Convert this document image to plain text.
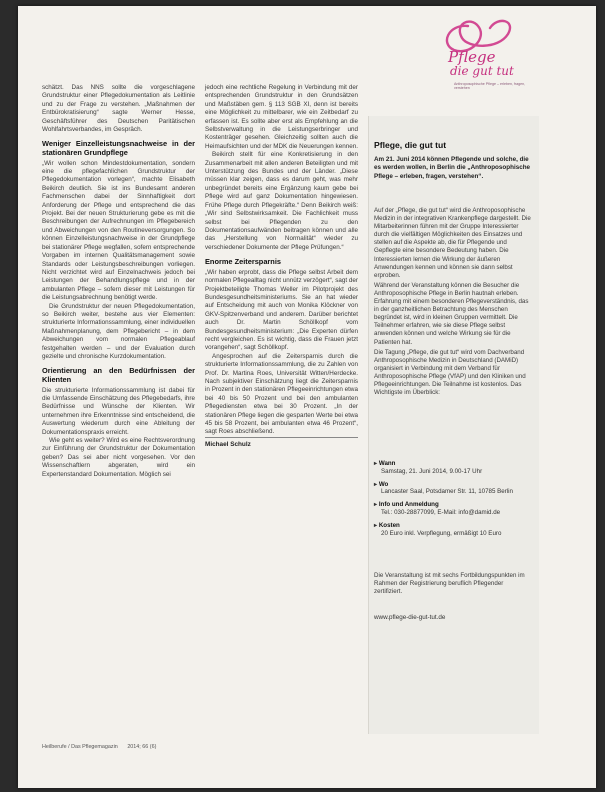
Pflege
die gut tut
Anthroposophische Pflege – erleben, fragen, verstehen

schätzt. Das NNS sollte die vorgeschlagene Grundstruktur einer Pflegedokumentation als Leitlinie und zu der Frage zu verstehen. „Maßnahmen der Entbürokratisierung“ sagte Werner Hesse, Geschäftsführer des Deutschen Paritätischen Wohlfahrtsverbandes, im Gespräch.

Weniger Einzelleistungsnachweise in der stationären Grundpflege

„Wir wollen schon Mindestdokumentation, sondern eine die pflegefachlichen Grundstruktur der Pflegedokumentation vorlegen“, machte Elisabeth Beikirch deutlich. Sie ist ins Bundesamt anderen Fachmenschen dabei der Sinnhaftigkeit dort Anforderung der Pflege und entsprechend die das Projekt. Bei der neuen Strukturierung gebe es mit die Beschreibungen der Aufrechnungen im Pflegebereich und Abweichungen von den Routineversorgungen. So können Einzelleistungsnachweise in der Grundpflege bei stationärer Pflege wegfallen, sofern entsprechende Vorgaben im internen Qualitätsmanagement sowie Standards oder Leistungsbeschreibungen vorliegen. Nicht verzichtet wird auf Einzelnachweis jedoch bei Leistungen der Behandlungspflege und in der ambulanten Pflege – sofern dieser mit Leistungen für die Leistungsabrechnung benötigt werde.

Die Grundstruktur der neuen Pflegedokumentation, so Beikirch weiter, bestehe aus vier Elementen: strukturierte Informationssammlung, einer individuellen Maßnahmenplanung, dem Pflegebericht – in dem Abweichungen vom normalen Pflegeablauf festgehalten werden – und der Evaluation durch gezielte und chronische Kurzdokumentation.

Orientierung an den Bedürfnissen der Klienten

Die strukturierte Informationssammlung ist dabei für die Umfassende Einschätzung des Pflegebedarfs, ihre Bedürfnisse und Wünsche der Klienten. Wir unternehmen ihre Erkenntnisse sind entscheidend, die Auswertung wiederum durch eine Ableitung der Dokumentationspraxis erreicht.

Wie geht es weiter? Wird es eine Rechtsverordnung zur Einführung der Grundstruktur der Dokumentation geben? Das sei aber nicht vorgesehen. Vor den Wissenschaftlern abgeraten, wird ein Expertenstandard Dokumentation. Möglich sei

jedoch eine rechtliche Regelung in Verbindung mit der entsprechenden Grundstruktur in den Grundsätzen und Maßstäben gem. § 113 SGB XI, denn ist bereits eine Möglichkeit zu mittelbarer, wie ein Zeitbedarf zu erfassen ist. Es sollte aber erst als Empfehlung an die Selbstverwaltung in die Leistungserbringer und Kostenträger gesehen. Gleichzeitig sollten auch die Heimaufsichten und der MDK die Neuerungen kennen.

Beikirch stellt für eine Konkretisierung in den Zusammenarbeit mit allen anderen Beteiligten und mit Unterstützung des Bundes und der Länder. „Diese müssen klar zeigen, dass es darum geht, was mehr unbegründet bereits eine Ergänzung kaum gebe bei Pflege wird auf ganz Dokumentation hingewiesen. Frühe Pflege durch Pflegekräfte.“ Denn Beikirch weiß: „Wir sind Selbstwirksamkeit. Die Fachlichkeit muss selbst bei Pflegenden zu den Dokumentationsaufwänden beitragen können und alle das „Herstellung von Normalität“ wieder zu verschiedener Dokumente der Pflege Prüfungen.“

Enorme Zeitersparnis

„Wir haben erprobt, dass die Pflege selbst Arbeit dem normalen Pflegealltag nicht unnütz verzögert“, sagt der Projektbeteiligte Thomas Weller im Pilotprojekt des Bundesgesundheitsministeriums. Sie an hat wieder auf Entscheidung mit auch von Monika Klöckner von GKV-Spitzenverband und anderem. Darüber berichtet auch Dr. Martin Schöllkopf vom Bundesgesundheitsministerium: „Die Experten dürfen recht vergleichen. Es ist wichtig, dass die Frauen jetzt vorangehen“, sagt Schöllkopf.

Angesprochen auf die Zeitersparnis durch die strukturierte Informationssammlung, die zu Zahlen von Prof. Dr. Martina Roes, Universität Witten/Herdecke. Nach subjektiver Einschätzung liegt die Zeitersparnis in Prozent in den stationären Pflegeeinrichtungen etwa bei 40 bis 50 Prozent und bei den ambulanten Pflegediensten etwa bei 30 Prozent. „In der stationären Pflege liegen die gesparten Werte bei etwa 45 bis 58 Prozent, bei ambulanten etwa 46 Prozent“, sagt Roes abschließend.

Michael Schulz

Pflege, die gut tut
Am 21. Juni 2014 können Pflegende und solche, die es werden wollen, in Berlin die „Anthroposophische Pflege – erleben, fragen, verstehen“.

Auf der „Pflege, die gut tut“ wird die Anthroposophische Medizin in der integrativen Krankenpflege dargestellt. Die Mitarbeiterinnen führen mit der Gruppe Interessierter durch die vielfältigen Möglichkeiten des Einsatzes und stellen auf die Aspekte ab, die für Pflegende und Gepflegte eine besondere Bedeutung haben. Die Interessierten lernen die Wirkung der äußeren Anwendungen kennen und können sie dann selbst erproben.

Während der Veranstaltung können die Besucher die Anthroposophische Pflege in Berlin hautnah erleben. Erfahrung mit einem besonderen Pflegeverständnis, das in der ganzheitlichen Betrachtung des Menschen begründet ist, wird in kleinen Gruppen vermittelt. Die Teilnehmer erfahren, wie sie diese Pflege selbst anwenden können und welche Wirkung sie für die Patienten hat.

Die Tagung „Pflege, die gut tut“ wird vom Dachverband Anthroposophische Medizin in Deutschland (DAMiD) organisiert in Verbindung mit dem Verband für Anthroposophische Pflege (VfAP) und den Kliniken und Pflegeeinrichtungen. Die Teilnahme ist kostenlos. Das Wichtigste im Überblick:

▸ Wann
Samstag, 21. Juni 2014, 9.00-17 Uhr
▸ Wo
Lancaster Saal, Potsdamer Str. 11, 10785 Berlin
▸ Info und Anmeldung
Tel.: 030-28877099, E-Mail: info@damid.de
▸ Kosten
20 Euro inkl. Verpflegung, ermäßigt 10 Euro
Die Veranstaltung ist mit sechs Fortbildungspunkten im Rahmen der Registrierung beruflich Pflegender zertifiziert.
www.pflege-die-gut-tut.de
Heilberufe / Das Pflegemagazin 2014; 66 (6)
